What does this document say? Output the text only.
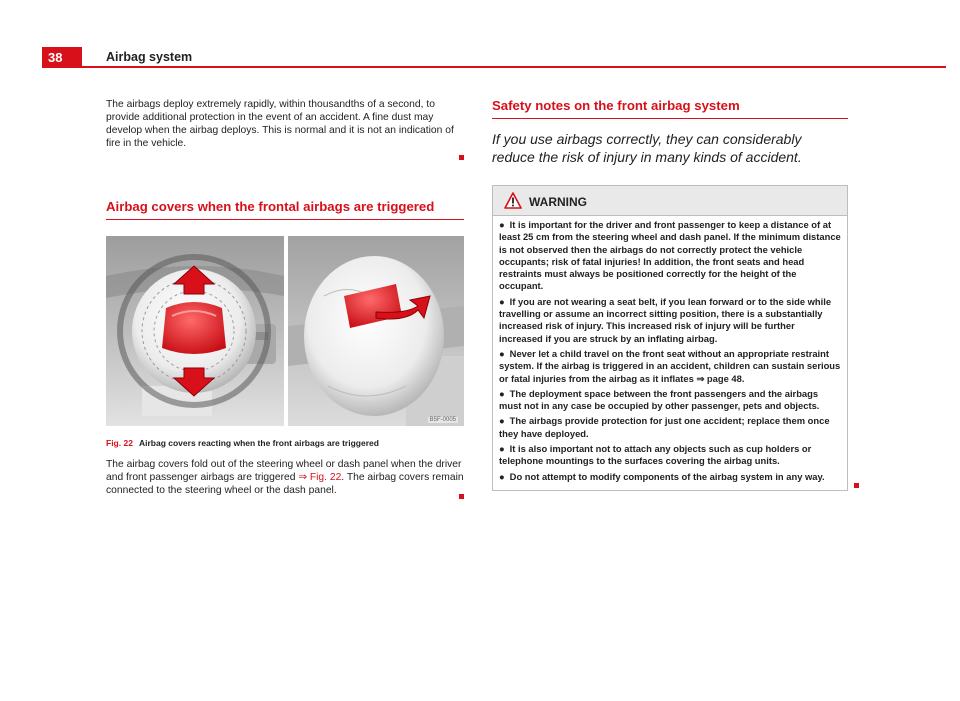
38	Airbag system

The airbags deploy extremely rapidly, within thousandths of a second, to provide additional protection in the event of an accident. A fine dust may develop when the airbag deploys. This is normal and it is not an indication of fire in the vehicle.

Airbag covers when the frontal airbags are triggered
B5F-0005
Fig. 22 Airbag covers reacting when the front airbags are triggered

The airbag covers fold out of the steering wheel or dash panel when the driver and front passenger airbags are triggered ⇒ Fig. 22. The airbag covers remain connected to the steering wheel or the dash panel.

Safety notes on the front airbag system

If you use airbags correctly, they can considerably reduce the risk of injury in many kinds of accident.

WARNING

● It is important for the driver and front passenger to keep a distance of at least 25 cm from the steering wheel and dash panel. If the minimum distance is not observed then the airbags do not correctly protect the vehicle occupants; risk of fatal injuries! In addition, the front seats and head restraints must always be positioned correctly for the height of the occupant.

● If you are not wearing a seat belt, if you lean forward or to the side while travelling or assume an incorrect sitting position, there is a substantially increased risk of injury. This increased risk of injury will be further increased if you are struck by an inflating airbag.

● Never let a child travel on the front seat without an appropriate restraint system. If the airbag is triggered in an accident, children can sustain serious or fatal injuries from the airbag as it inflates ⇒ page 48.

● The deployment space between the front passengers and the airbags must not in any case be occupied by other passenger, pets and objects.

● The airbags provide protection for just one accident; replace them once they have deployed.

● It is also important not to attach any objects such as cup holders or telephone mountings to the surfaces covering the airbag units.

● Do not attempt to modify components of the airbag system in any way.
